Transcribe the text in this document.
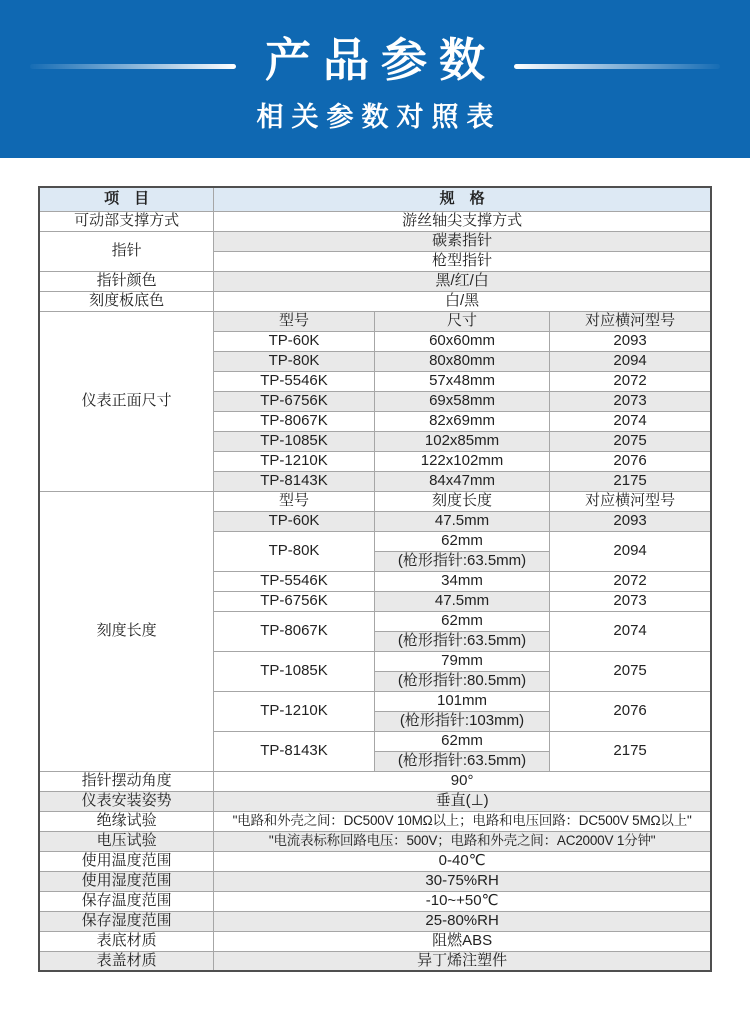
产品参数
相关参数对照表
项　目	规　格		
可动部支撑方式	游丝轴尖支撑方式		
指针	碳素指针		
	枪型指针		
指针颜色	黑/红/白		
刻度板底色	白/黑		
仪表正面尺寸	型号	尺寸	对应横河型号
	TP-60K	60x60mm	2093
	TP-80K	80x80mm	2094
	TP-5546K	57x48mm	2072
	TP-6756K	69x58mm	2073
	TP-8067K	82x69mm	2074
	TP-1085K	102x85mm	2075
	TP-1210K	122x102mm	2076
	TP-8143K	84x47mm	2175
刻度长度	型号	刻度长度	对应横河型号
	TP-60K	47.5mm	2093
	TP-80K	62mm	2094
		(枪形指针:63.5mm)	
	TP-5546K	34mm	2072
	TP-6756K	47.5mm	2073
	TP-8067K	62mm	2074
		(枪形指针:63.5mm)	
	TP-1085K	79mm	2075
		(枪形指针:80.5mm)	
	TP-1210K	101mm	2076
		(枪形指针:103mm)	
	TP-8143K	62mm	2175
		(枪形指针:63.5mm)	
指针摆动角度	90°		
仪表安装姿势	垂直(⊥)		
绝缘试验	"电路和外壳之间：DC500V 10MΩ以上；电路和电压回路：DC500V 5MΩ以上"		
电压试验	"电流表标称回路电压：500V；电路和外壳之间：AC2000V 1分钟"		
使用温度范围	0-40℃		
使用湿度范围	30-75%RH		
保存温度范围	-10~+50℃		
保存湿度范围	25-80%RH		
表底材质	阻燃ABS		
表盖材质	异丁烯注塑件		
